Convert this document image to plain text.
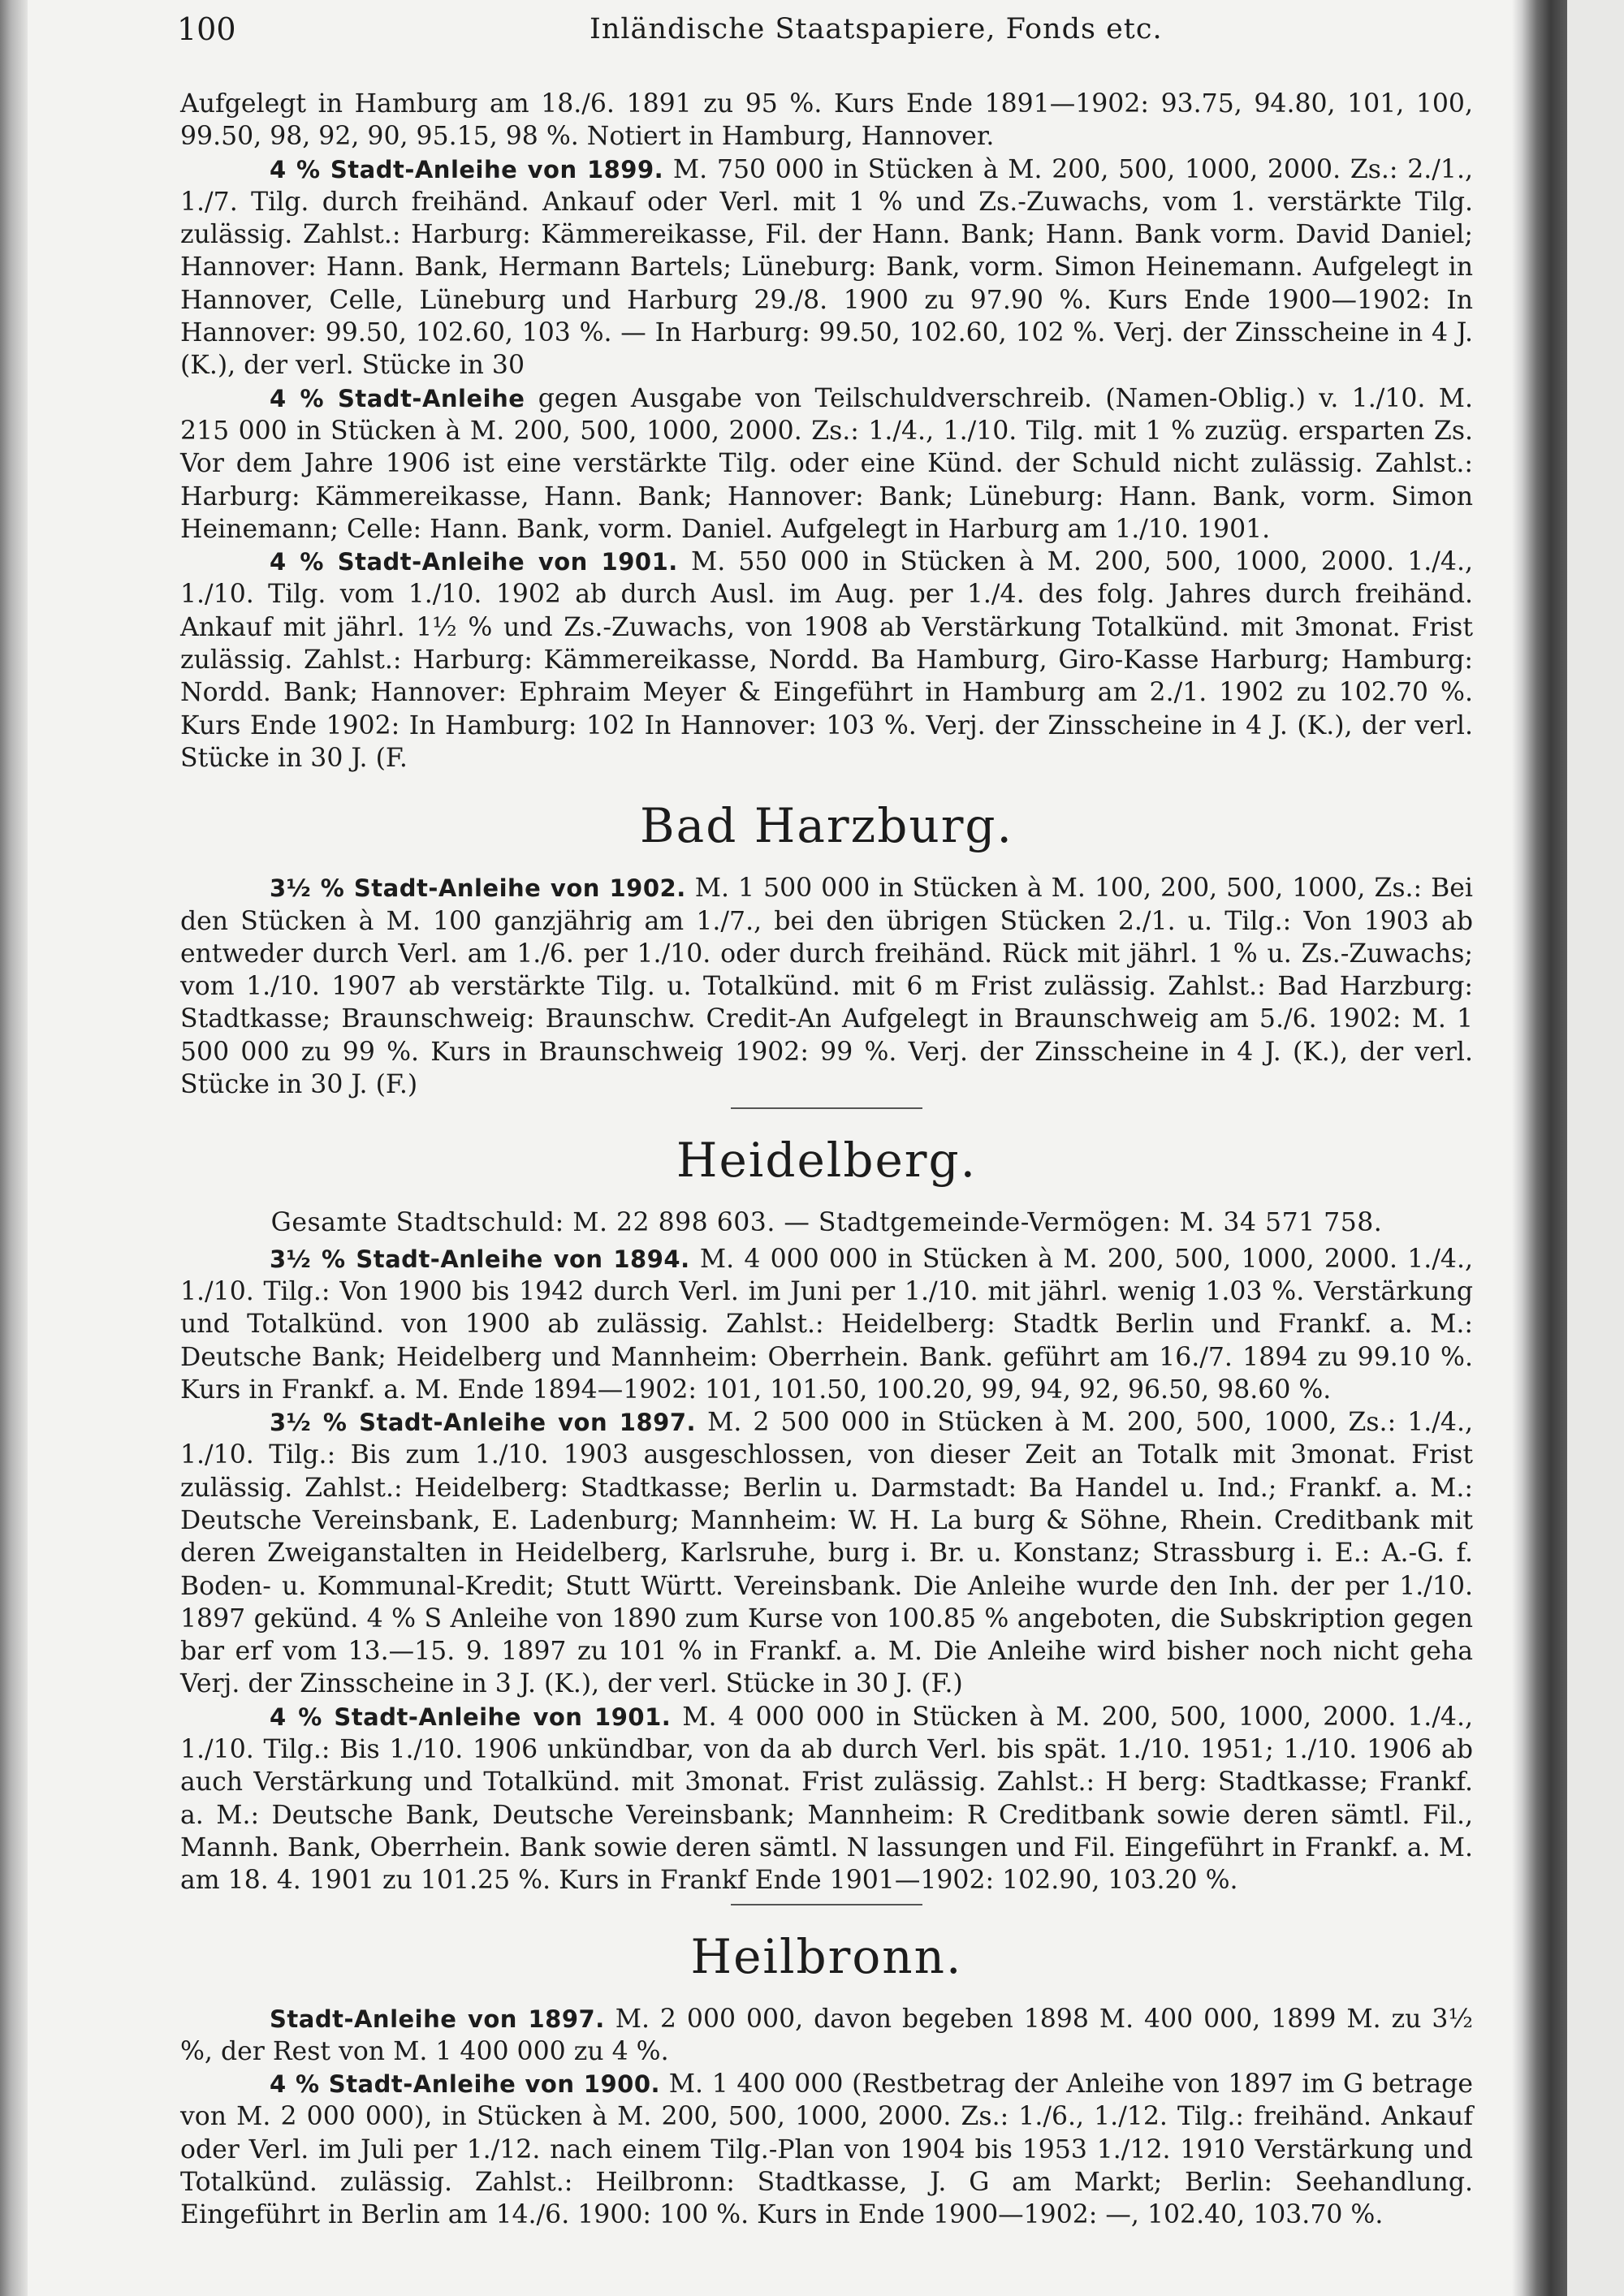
100	Inländische Staatspapiere, Fonds etc.

Aufgelegt in Hamburg am 18./6. 1891 zu 95 %. Kurs Ende 1891—1902: 93.75, 94.80, 101, 100, 99.50, 98, 92, 90, 95.15, 98 %. Notiert in Hamburg, Hannover.

4 % Stadt-Anleihe von 1899. M. 750 000 in Stücken à M. 200, 500, 1000, 2000. Zs.: 2./1., 1./7. Tilg. durch freihänd. Ankauf oder Verl. mit 1 % und Zs.-Zuwachs, vom 1. verstärkte Tilg. zulässig. Zahlst.: Harburg: Kämmereikasse, Fil. der Hann. Bank; Hann. Bank vorm. David Daniel; Hannover: Hann. Bank, Hermann Bartels; Lüneburg: Bank, vorm. Simon Heinemann. Aufgelegt in Hannover, Celle, Lüneburg und Harburg 29./8. 1900 zu 97.90 %. Kurs Ende 1900—1902: In Hannover: 99.50, 102.60, 103 %. — In Harburg: 99.50, 102.60, 102 %. Verj. der Zinsscheine in 4 J. (K.), der verl. Stücke in 30

4 % Stadt-Anleihe gegen Ausgabe von Teilschuldverschreib. (Namen-Oblig.) v. 1./10. M. 215 000 in Stücken à M. 200, 500, 1000, 2000. Zs.: 1./4., 1./10. Tilg. mit 1 % zuzüg. ersparten Zs. Vor dem Jahre 1906 ist eine verstärkte Tilg. oder eine Künd. der Schuld nicht zulässig. Zahlst.: Harburg: Kämmereikasse, Hann. Bank; Hannover: Bank; Lüneburg: Hann. Bank, vorm. Simon Heinemann; Celle: Hann. Bank, vorm. Daniel. Aufgelegt in Harburg am 1./10. 1901.

4 % Stadt-Anleihe von 1901. M. 550 000 in Stücken à M. 200, 500, 1000, 2000. 1./4., 1./10. Tilg. vom 1./10. 1902 ab durch Ausl. im Aug. per 1./4. des folg. Jahres durch freihänd. Ankauf mit jährl. 1½ % und Zs.-Zuwachs, von 1908 ab Verstärkung Totalkünd. mit 3monat. Frist zulässig. Zahlst.: Harburg: Kämmereikasse, Nordd. Ba Hamburg, Giro-Kasse Harburg; Hamburg: Nordd. Bank; Hannover: Ephraim Meyer & Eingeführt in Hamburg am 2./1. 1902 zu 102.70 %. Kurs Ende 1902: In Hamburg: 102 In Hannover: 103 %. Verj. der Zinsscheine in 4 J. (K.), der verl. Stücke in 30 J. (F.

Bad Harzburg.

3½ % Stadt-Anleihe von 1902. M. 1 500 000 in Stücken à M. 100, 200, 500, 1000, Zs.: Bei den Stücken à M. 100 ganzjährig am 1./7., bei den übrigen Stücken 2./1. u. Tilg.: Von 1903 ab entweder durch Verl. am 1./6. per 1./10. oder durch freihänd. Rück mit jährl. 1 % u. Zs.-Zuwachs; vom 1./10. 1907 ab verstärkte Tilg. u. Totalkünd. mit 6 m Frist zulässig. Zahlst.: Bad Harzburg: Stadtkasse; Braunschweig: Braunschw. Credit-An Aufgelegt in Braunschweig am 5./6. 1902: M. 1 500 000 zu 99 %. Kurs in Braunschweig 1902: 99 %. Verj. der Zinsscheine in 4 J. (K.), der verl. Stücke in 30 J. (F.)

Heidelberg.

Gesamte Stadtschuld: M. 22 898 603. — Stadtgemeinde-Vermögen: M. 34 571 758.

3½ % Stadt-Anleihe von 1894. M. 4 000 000 in Stücken à M. 200, 500, 1000, 2000. 1./4., 1./10. Tilg.: Von 1900 bis 1942 durch Verl. im Juni per 1./10. mit jährl. wenig 1.03 %. Verstärkung und Totalkünd. von 1900 ab zulässig. Zahlst.: Heidelberg: Stadtk Berlin und Frankf. a. M.: Deutsche Bank; Heidelberg und Mannheim: Oberrhein. Bank. geführt am 16./7. 1894 zu 99.10 %. Kurs in Frankf. a. M. Ende 1894—1902: 101, 101.50, 100.20, 99, 94, 92, 96.50, 98.60 %.

3½ % Stadt-Anleihe von 1897. M. 2 500 000 in Stücken à M. 200, 500, 1000, Zs.: 1./4., 1./10. Tilg.: Bis zum 1./10. 1903 ausgeschlossen, von dieser Zeit an Totalk mit 3monat. Frist zulässig. Zahlst.: Heidelberg: Stadtkasse; Berlin u. Darmstadt: Ba Handel u. Ind.; Frankf. a. M.: Deutsche Vereinsbank, E. Ladenburg; Mannheim: W. H. La burg & Söhne, Rhein. Creditbank mit deren Zweiganstalten in Heidelberg, Karlsruhe, burg i. Br. u. Konstanz; Strassburg i. E.: A.-G. f. Boden- u. Kommunal-Kredit; Stutt Württ. Vereinsbank. Die Anleihe wurde den Inh. der per 1./10. 1897 gekünd. 4 % S Anleihe von 1890 zum Kurse von 100.85 % angeboten, die Subskription gegen bar erf vom 13.—15. 9. 1897 zu 101 % in Frankf. a. M. Die Anleihe wird bisher noch nicht geha Verj. der Zinsscheine in 3 J. (K.), der verl. Stücke in 30 J. (F.)

4 % Stadt-Anleihe von 1901. M. 4 000 000 in Stücken à M. 200, 500, 1000, 2000. 1./4., 1./10. Tilg.: Bis 1./10. 1906 unkündbar, von da ab durch Verl. bis spät. 1./10. 1951; 1./10. 1906 ab auch Verstärkung und Totalkünd. mit 3monat. Frist zulässig. Zahlst.: H berg: Stadtkasse; Frankf. a. M.: Deutsche Bank, Deutsche Vereinsbank; Mannheim: R Creditbank sowie deren sämtl. Fil., Mannh. Bank, Oberrhein. Bank sowie deren sämtl. N lassungen und Fil. Eingeführt in Frankf. a. M. am 18. 4. 1901 zu 101.25 %. Kurs in Frankf Ende 1901—1902: 102.90, 103.20 %.

Heilbronn.

Stadt-Anleihe von 1897. M. 2 000 000, davon begeben 1898 M. 400 000, 1899 M. zu 3½ %, der Rest von M. 1 400 000 zu 4 %.

4 % Stadt-Anleihe von 1900. M. 1 400 000 (Restbetrag der Anleihe von 1897 im G betrage von M. 2 000 000), in Stücken à M. 200, 500, 1000, 2000. Zs.: 1./6., 1./12. Tilg.: freihänd. Ankauf oder Verl. im Juli per 1./12. nach einem Tilg.-Plan von 1904 bis 1953 1./12. 1910 Verstärkung und Totalkünd. zulässig. Zahlst.: Heilbronn: Stadtkasse, J. G am Markt; Berlin: Seehandlung. Eingeführt in Berlin am 14./6. 1900: 100 %. Kurs in Ende 1900—1902: —, 102.40, 103.70 %.
